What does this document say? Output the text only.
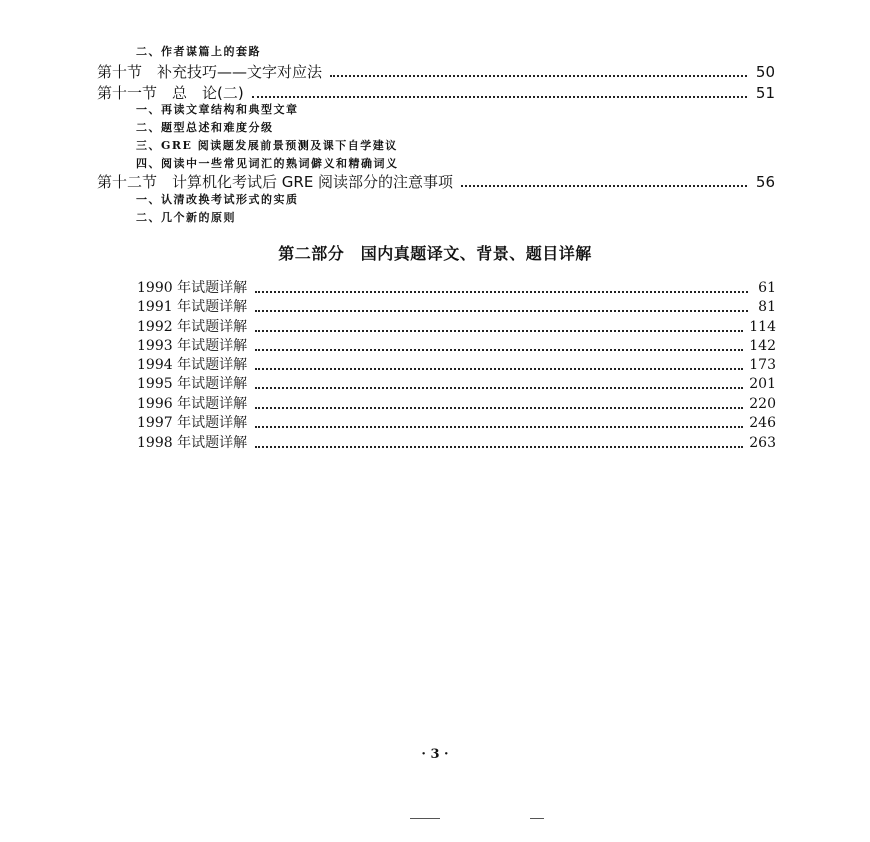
二、作者谋篇上的套路
第十节　补充技巧——文字对应法	50
第十一节　总　论(二)	51
一、再读文章结构和典型文章
二、题型总述和难度分级
三、GRE 阅读题发展前景预测及课下自学建议
四、阅读中一些常见词汇的熟词僻义和精确词义
第十二节　计算机化考试后 GRE 阅读部分的注意事项	56
一、认清改换考试形式的实质
二、几个新的原则
第二部分　国内真题译文、背景、题目详解
1990 年试题详解	61
1991 年试题详解	81
1992 年试题详解	114
1993 年试题详解	142
1994 年试题详解	173
1995 年试题详解	201
1996 年试题详解	220
1997 年试题详解	246
1998 年试题详解	263
· 3 ·
